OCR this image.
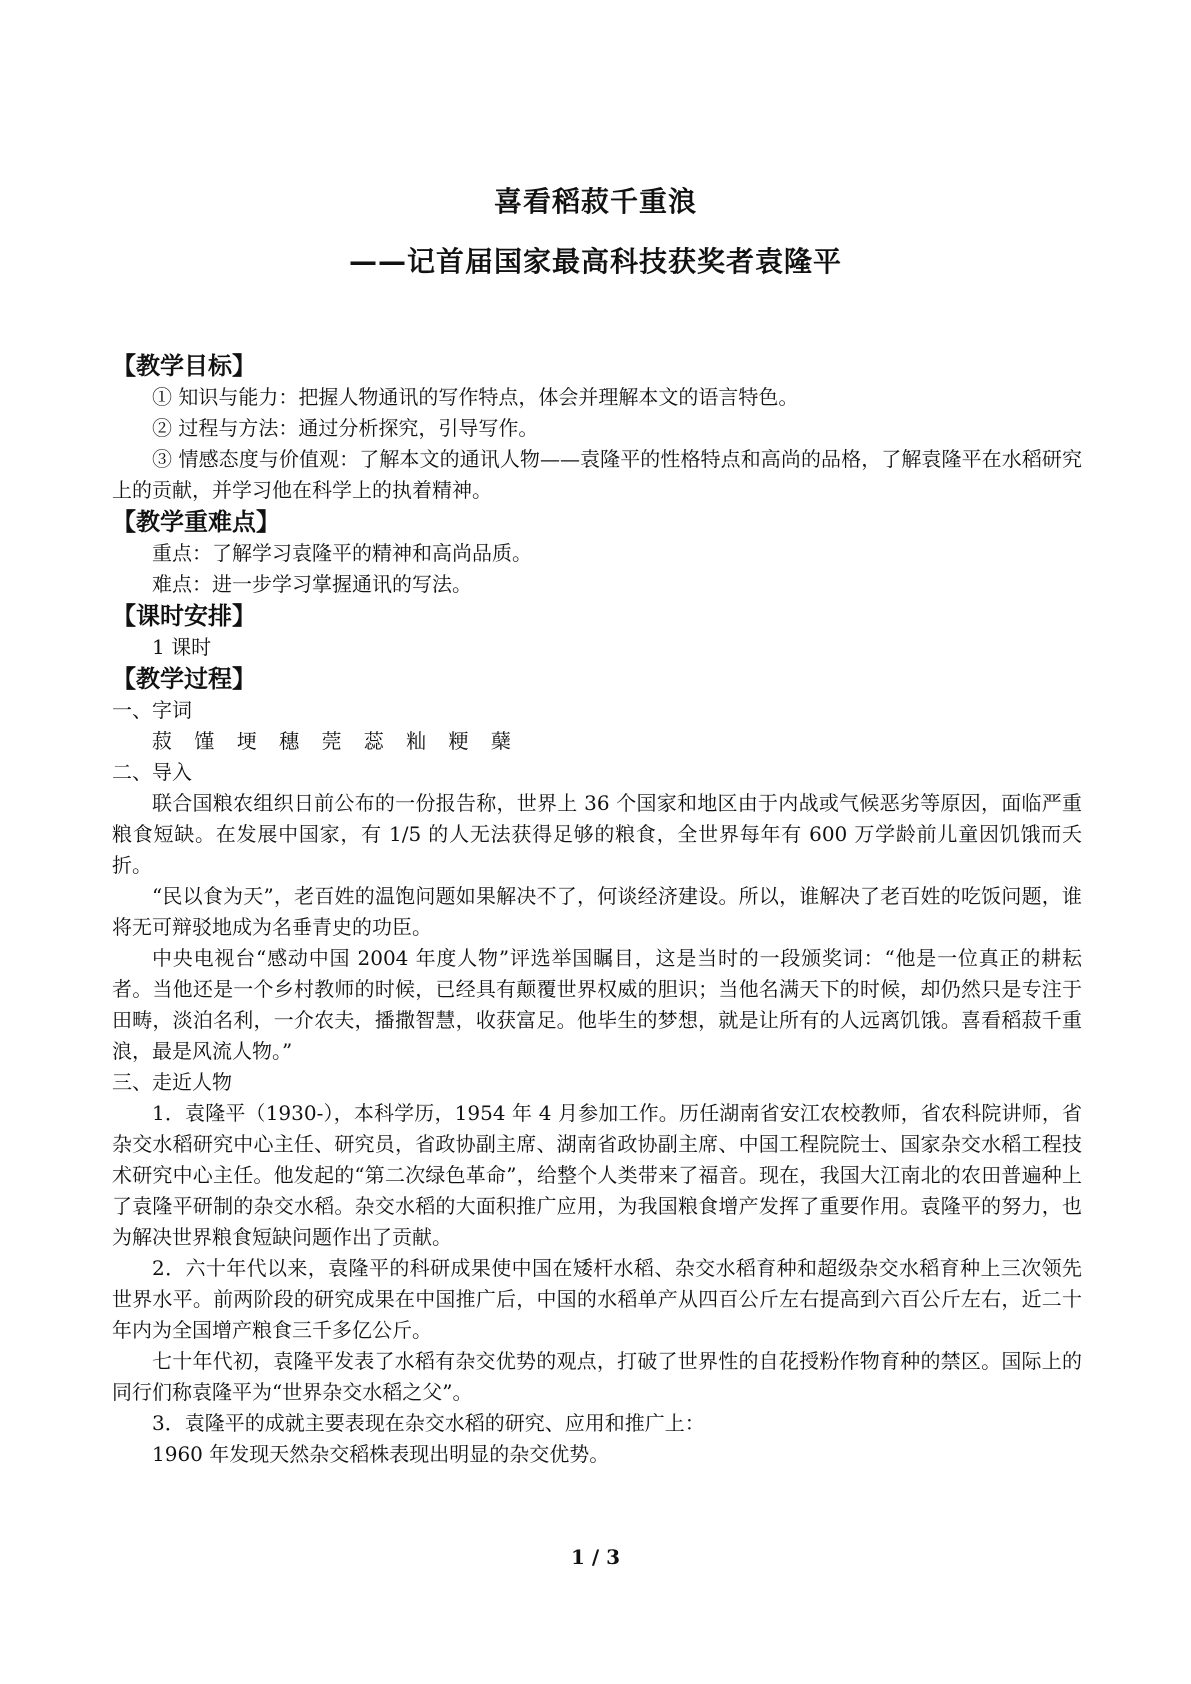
喜看稻菽千重浪
——记首届国家最高科技获奖者袁隆平
【教学目标】

① 知识与能力：把握人物通讯的写作特点，体会并理解本文的语言特色。

② 过程与方法：通过分析探究，引导写作。

③ 情感态度与价值观：了解本文的通讯人物——袁隆平的性格特点和高尚的品格，了解袁隆平在水稻研究上的贡献，并学习他在科学上的执着精神。

【教学重难点】

重点：了解学习袁隆平的精神和高尚品质。

难点：进一步学习掌握通讯的写法。

【课时安排】

1 课时

【教学过程】

一、字词

菽 馑 埂 穗 莞 蕊 籼 粳 蘖

二、导入

联合国粮农组织日前公布的一份报告称，世界上 36 个国家和地区由于内战或气候恶劣等原因，面临严重粮食短缺。在发展中国家，有 1/5 的人无法获得足够的粮食，全世界每年有 600 万学龄前儿童因饥饿而夭折。

“民以食为天”，老百姓的温饱问题如果解决不了，何谈经济建设。所以，谁解决了老百姓的吃饭问题，谁将无可辩驳地成为名垂青史的功臣。

中央电视台“感动中国 2004 年度人物”评选举国瞩目，这是当时的一段颁奖词：“他是一位真正的耕耘者。当他还是一个乡村教师的时候，已经具有颠覆世界权威的胆识；当他名满天下的时候，却仍然只是专注于田畴，淡泊名利，一介农夫，播撒智慧，收获富足。他毕生的梦想，就是让所有的人远离饥饿。喜看稻菽千重浪，最是风流人物。”

三、走近人物

1．袁隆平（1930-），本科学历，1954 年 4 月参加工作。历任湖南省安江农校教师，省农科院讲师，省杂交水稻研究中心主任、研究员，省政协副主席、湖南省政协副主席、中国工程院院士、国家杂交水稻工程技术研究中心主任。他发起的“第二次绿色革命”，给整个人类带来了福音。现在，我国大江南北的农田普遍种上了袁隆平研制的杂交水稻。杂交水稻的大面积推广应用，为我国粮食增产发挥了重要作用。袁隆平的努力，也为解决世界粮食短缺问题作出了贡献。

2．六十年代以来，袁隆平的科研成果使中国在矮杆水稻、杂交水稻育种和超级杂交水稻育种上三次领先世界水平。前两阶段的研究成果在中国推广后，中国的水稻单产从四百公斤左右提高到六百公斤左右，近二十年内为全国增产粮食三千多亿公斤。

七十年代初，袁隆平发表了水稻有杂交优势的观点，打破了世界性的自花授粉作物育种的禁区。国际上的同行们称袁隆平为“世界杂交水稻之父”。

3．袁隆平的成就主要表现在杂交水稻的研究、应用和推广上：

1960 年发现天然杂交稻株表现出明显的杂交优势。

1 / 3
